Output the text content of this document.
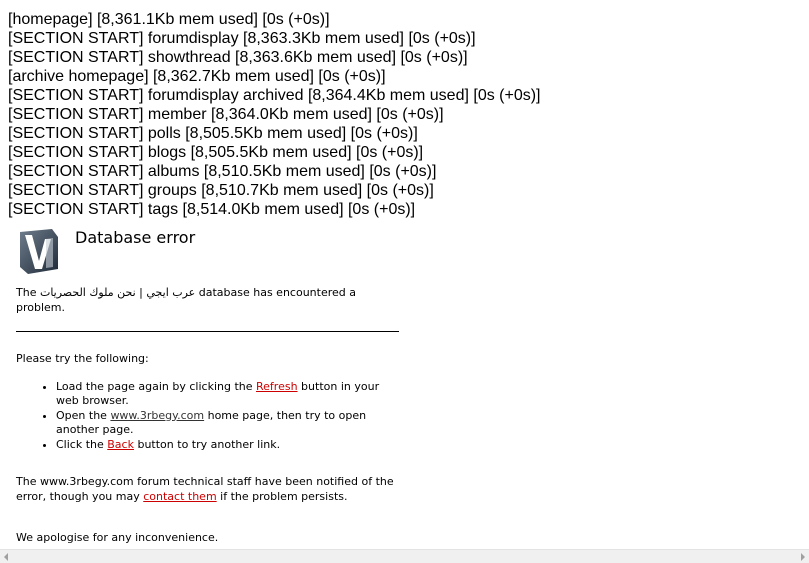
[homepage] [8,361.1Kb mem used] [0s (+0s)]
[SECTION START] forumdisplay [8,363.3Kb mem used] [0s (+0s)]
[SECTION START] showthread [8,363.6Kb mem used] [0s (+0s)]
[archive homepage] [8,362.7Kb mem used] [0s (+0s)]
[SECTION START] forumdisplay archived [8,364.4Kb mem used] [0s (+0s)]
[SECTION START] member [8,364.0Kb mem used] [0s (+0s)]
[SECTION START] polls [8,505.5Kb mem used] [0s (+0s)]
[SECTION START] blogs [8,505.5Kb mem used] [0s (+0s)]
[SECTION START] albums [8,510.5Kb mem used] [0s (+0s)]
[SECTION START] groups [8,510.7Kb mem used] [0s (+0s)]
[SECTION START] tags [8,514.0Kb mem used] [0s (+0s)]
Database error

The عرب ايجي | نحن ملوك الحصريات database has encountered a problem.

Please try the following:

• Load the page again by clicking the Refresh button in your web browser.
• Open the www.3rbegy.com home page, then try to open another page.
• Click the Back button to try another link.

The www.3rbegy.com forum technical staff have been notified of the error, though you may contact them if the problem persists.

We apologise for any inconvenience.
